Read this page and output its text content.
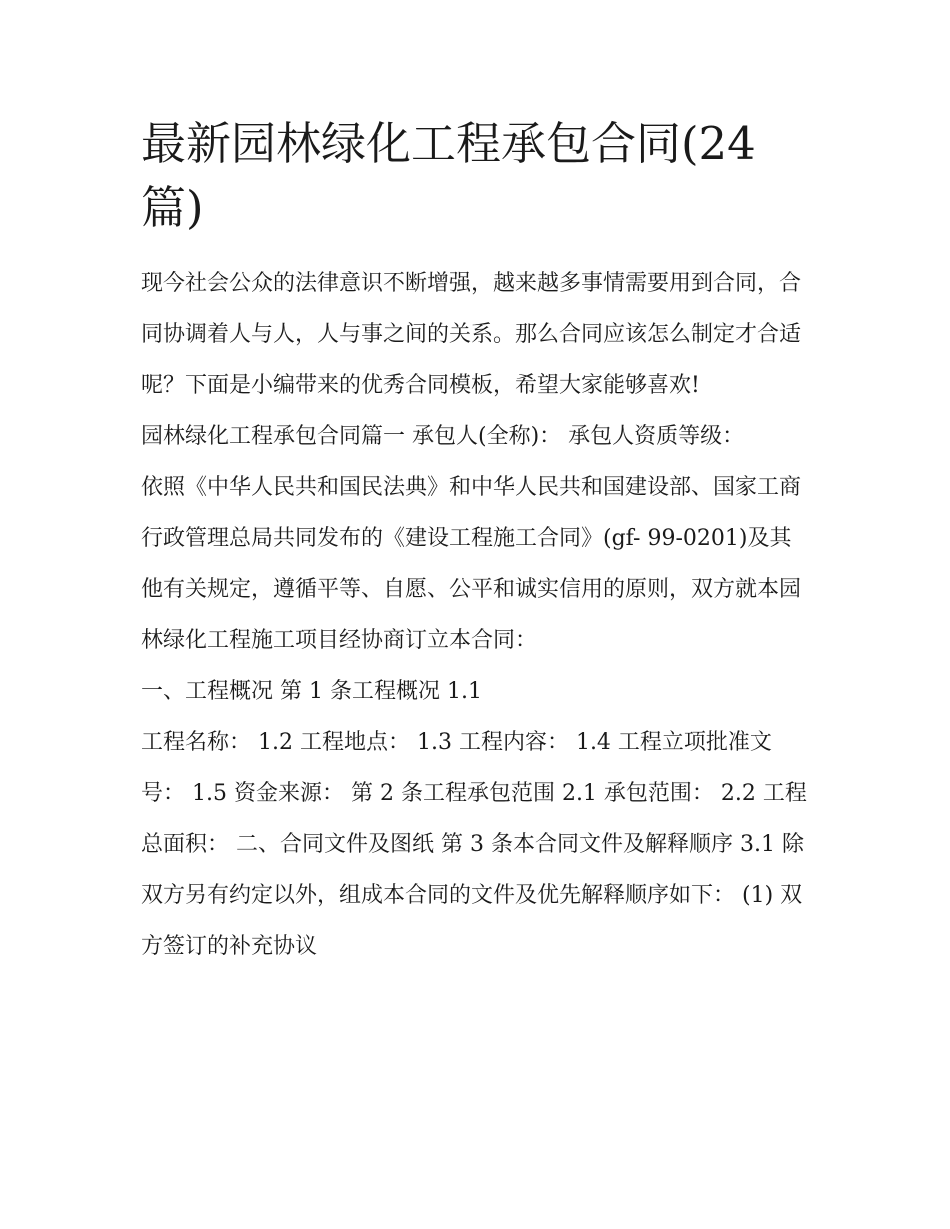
最新园林绿化工程承包合同(24篇)

现今社会公众的法律意识不断增强，越来越多事情需要用到合同，合同协调着人与人，人与事之间的关系。那么合同应该怎么制定才合适呢？下面是小编带来的优秀合同模板，希望大家能够喜欢!

园林绿化工程承包合同篇一 承包人(全称)： 承包人资质等级：

依照《中华人民共和国民法典》和中华人民共和国建设部、国家工商行政管理总局共同发布的《建设工程施工合同》(gf- 99-0201)及其他有关规定，遵循平等、自愿、公平和诚实信用的原则，双方就本园林绿化工程施工项目经协商订立本合同：

一、工程概况 第 1 条工程概况 1.1

工程名称： 1.2 工程地点： 1.3 工程内容： 1.4 工程立项批准文号： 1.5 资金来源： 第 2 条工程承包范围 2.1 承包范围： 2.2 工程总面积： 二、合同文件及图纸 第 3 条本合同文件及解释顺序 3.1 除双方另有约定以外，组成本合同的文件及优先解释顺序如下： (1) 双方签订的补充协议
